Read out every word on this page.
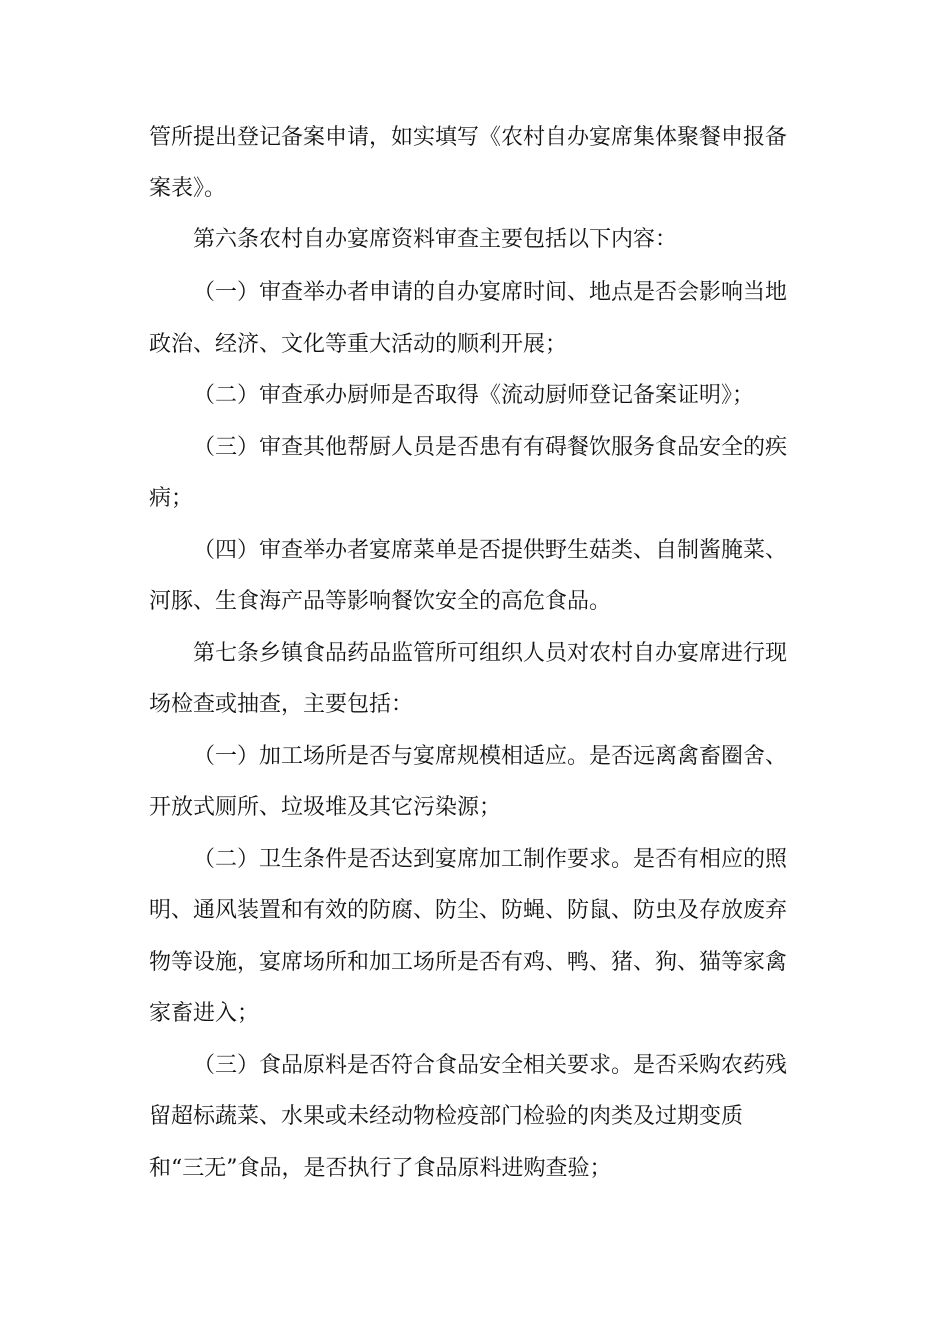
管所提出登记备案申请，如实填写《农村自办宴席集体聚餐申报备

案表》。

第六条农村自办宴席资料审查主要包括以下内容：

（一）审查举办者申请的自办宴席时间、地点是否会影响当地

政治、经济、文化等重大活动的顺利开展；

（二）审查承办厨师是否取得《流动厨师登记备案证明》；

（三）审查其他帮厨人员是否患有有碍餐饮服务食品安全的疾

病；

（四）审查举办者宴席菜单是否提供野生菇类、自制酱腌菜、

河豚、生食海产品等影响餐饮安全的高危食品。

第七条乡镇食品药品监管所可组织人员对农村自办宴席进行现

场检查或抽查，主要包括：

（一）加工场所是否与宴席规模相适应。是否远离禽畜圈舍、

开放式厕所、垃圾堆及其它污染源；

（二）卫生条件是否达到宴席加工制作要求。是否有相应的照

明、通风装置和有效的防腐、防尘、防蝇、防鼠、防虫及存放废弃

物等设施，宴席场所和加工场所是否有鸡、鸭、猪、狗、猫等家禽

家畜进入；

（三）食品原料是否符合食品安全相关要求。是否采购农药残

留超标蔬菜、水果或未经动物检疫部门检验的肉类及过期变质

和“三无”食品，是否执行了食品原料进购查验；
